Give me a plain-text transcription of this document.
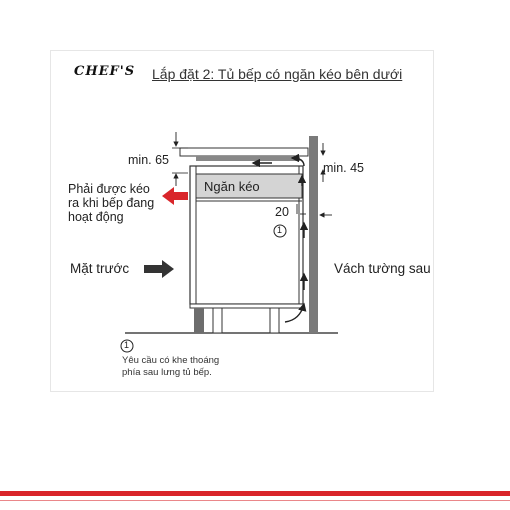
CHEF'S Lắp đặt 2: Tủ bếp có ngăn kéo bên dưới
min. 65
min. 45
Ngăn kéo
20
1
Phải được kéo
ra khi bếp đang
hoạt động
Mặt trước	Vách tường sau
1
Yêu cầu có khe thoáng
phía sau lưng tủ bếp.
